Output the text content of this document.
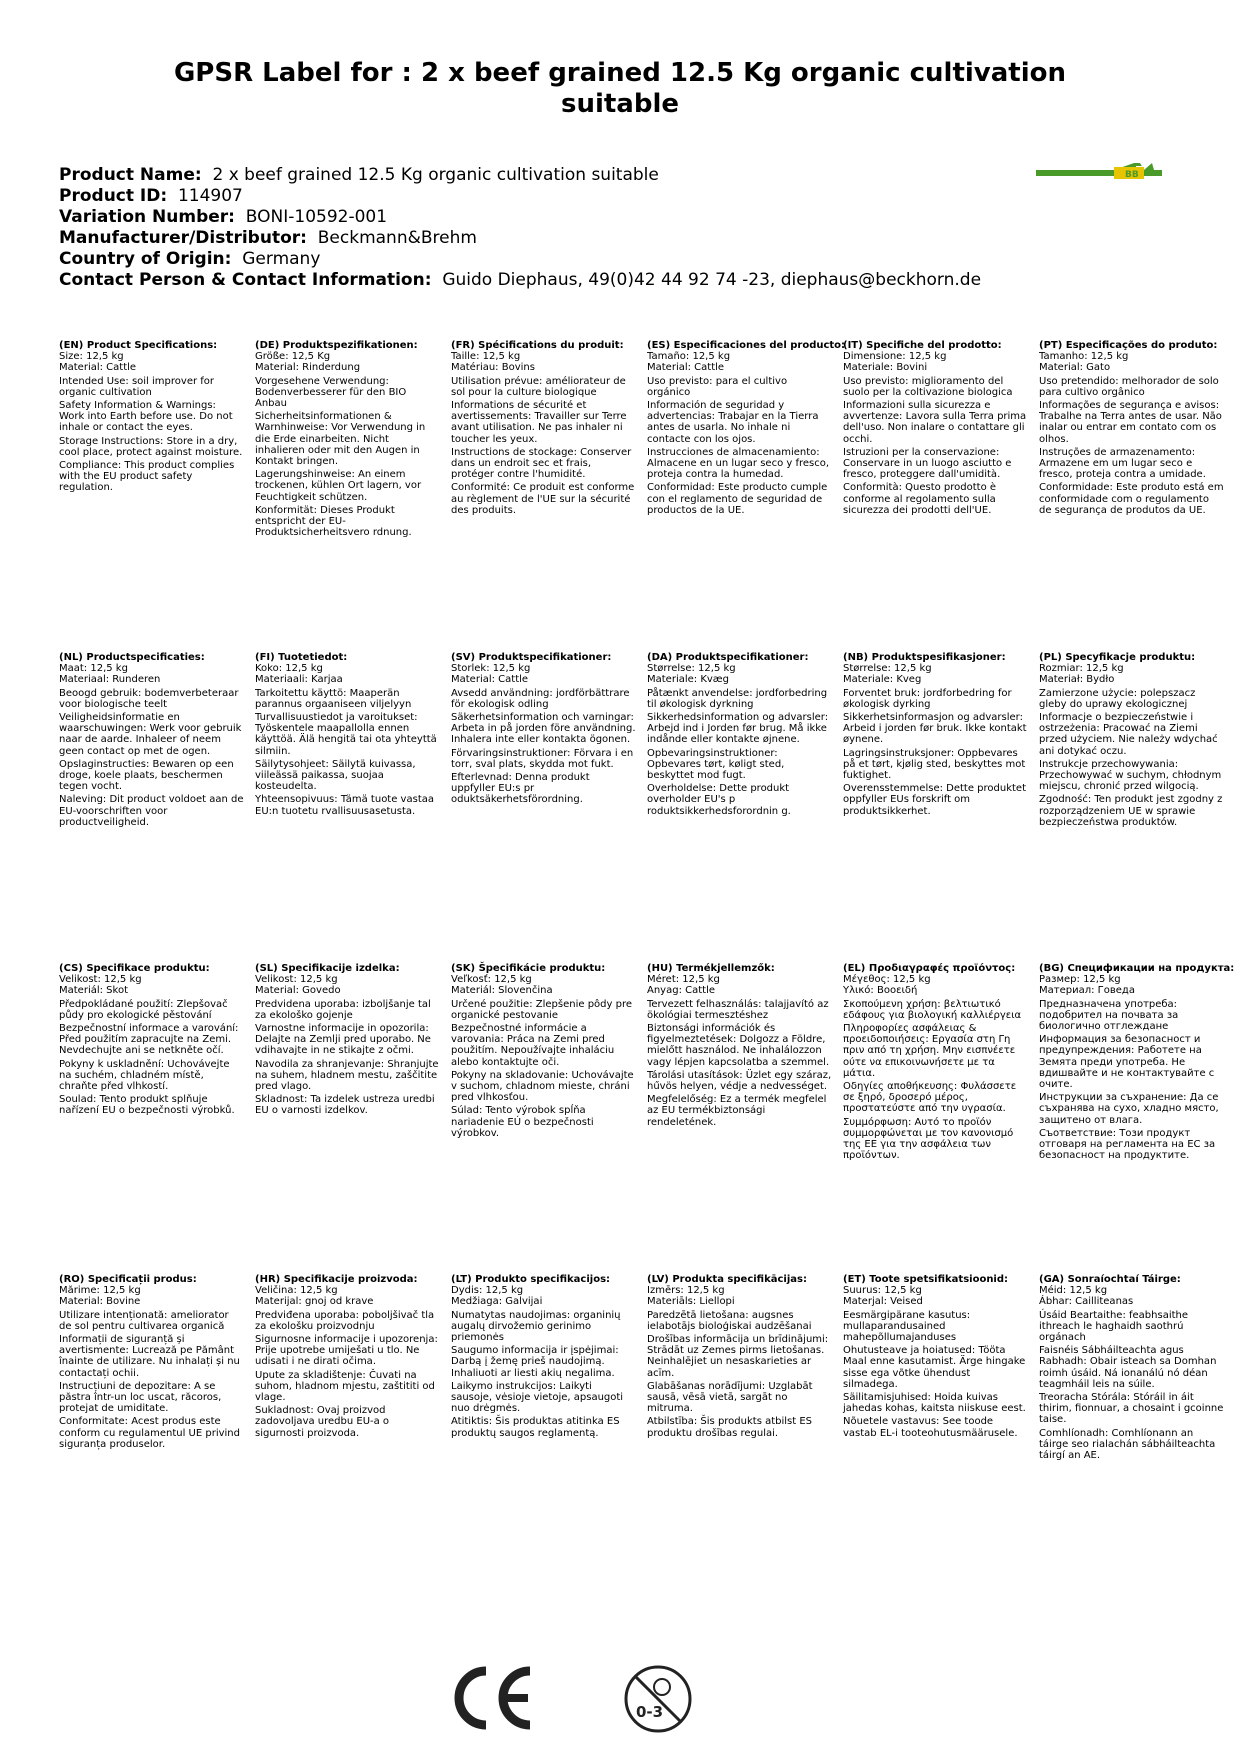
GPSR Label for : 2 x beef grained 12.5 Kg organic cultivation suitable
Product Name: 2 x beef grained 12.5 Kg organic cultivation suitable
Product ID: 114907
Variation Number: BONI-10592-001
Manufacturer/Distributor: Beckmann&Brehm
Country of Origin: Germany
Contact Person & Contact Information: Guido Diephaus, 49(0)42 44 92 74 -23, diephaus@beckhorn.de
BB
(EN) Product Specifications:
Size: 12,5 kg
Material: Cattle
Intended Use: soil improver for organic cultivation
Safety Information & Warnings: Work into Earth before use. Do not inhale or contact the eyes.
Storage Instructions: Store in a dry, cool place, protect against moisture.
Compliance: This product complies with the EU product safety regulation.
(DE) Produktspezifikationen:
Größe: 12,5 Kg
Material: Rinderdung
Vorgesehene Verwendung: Bodenverbesserer für den BIO Anbau
Sicherheitsinformationen & Warnhinweise: Vor Verwendung in die Erde einarbeiten. Nicht inhalieren oder mit den Augen in Kontakt bringen.
Lagerungshinweise: An einem trockenen, kühlen Ort lagern, vor Feuchtigkeit schützen.
Konformität: Dieses Produkt entspricht der EU-Produktsicherheitsvero rdnung.
(FR) Spécifications du produit:
Taille: 12,5 kg
Matériau: Bovins
Utilisation prévue: améliorateur de sol pour la culture biologique
Informations de sécurité et avertissements: Travailler sur Terre avant utilisation. Ne pas inhaler ni toucher les yeux.
Instructions de stockage: Conserver dans un endroit sec et frais, protéger contre l'humidité.
Conformité: Ce produit est conforme au règlement de l'UE sur la sécurité des produits.
(ES) Especificaciones del producto:
Tamaño: 12,5 kg
Material: Cattle
Uso previsto: para el cultivo orgánico
Información de seguridad y advertencias: Trabajar en la Tierra antes de usarla. No inhale ni contacte con los ojos.
Instrucciones de almacenamiento: Almacene en un lugar seco y fresco, proteja contra la humedad.
Conformidad: Este producto cumple con el reglamento de seguridad de productos de la UE.
(IT) Specifiche del prodotto:
Dimensione: 12,5 kg
Materiale: Bovini
Uso previsto: miglioramento del suolo per la coltivazione biologica
Informazioni sulla sicurezza e avvertenze: Lavora sulla Terra prima dell'uso. Non inalare o contattare gli occhi.
Istruzioni per la conservazione: Conservare in un luogo asciutto e fresco, proteggere dall'umidità.
Conformità: Questo prodotto è conforme al regolamento sulla sicurezza dei prodotti dell'UE.
(PT) Especificações do produto:
Tamanho: 12,5 kg
Material: Gato
Uso pretendido: melhorador de solo para cultivo orgânico
Informações de segurança e avisos: Trabalhe na Terra antes de usar. Não inalar ou entrar em contato com os olhos.
Instruções de armazenamento: Armazene em um lugar seco e fresco, proteja contra a umidade.
Conformidade: Este produto está em conformidade com o regulamento de segurança de produtos da UE.
(NL) Productspecificaties:
Maat: 12,5 kg
Materiaal: Runderen
Beoogd gebruik: bodemverbeteraar voor biologische teelt
Veiligheidsinformatie en waarschuwingen: Werk voor gebruik naar de aarde. Inhaleer of neem geen contact op met de ogen.
Opslaginstructies: Bewaren op een droge, koele plaats, beschermen tegen vocht.
Naleving: Dit product voldoet aan de EU-voorschriften voor productveiligheid.
(FI) Tuotetiedot:
Koko: 12,5 kg
Materiaali: Karjaa
Tarkoitettu käyttö: Maaperän parannus orgaaniseen viljelyyn
Turvallisuustiedot ja varoitukset: Työskentele maapallolla ennen käyttöä. Älä hengitä tai ota yhteyttä silmiin.
Säilytysohjeet: Säilytä kuivassa, viileässä paikassa, suojaa kosteudelta.
Yhteensopivuus: Tämä tuote vastaa EU:n tuotetu rvallisuusasetusta.
(SV) Produktspecifikationer:
Storlek: 12,5 kg
Material: Cattle
Avsedd användning: jordförbättrare för ekologisk odling
Säkerhetsinformation och varningar: Arbeta in på jorden före användning. Inhalera inte eller kontakta ögonen.
Förvaringsinstruktioner: Förvara i en torr, sval plats, skydda mot fukt.
Efterlevnad: Denna produkt uppfyller EU:s pr oduktsäkerhetsförordning.
(DA) Produktspecifikationer:
Størrelse: 12,5 kg
Materiale: Kvæg
Påtænkt anvendelse: jordforbedring til økologisk dyrkning
Sikkerhedsinformation og advarsler: Arbejd ind i Jorden før brug. Må ikke indånde eller kontakte øjnene.
Opbevaringsinstruktioner: Opbevares tørt, køligt sted, beskyttet mod fugt.
Overholdelse: Dette produkt overholder EU's p roduktsikkerhedsforordnin g.
(NB) Produktspesifikasjoner:
Størrelse: 12,5 kg
Materiale: Kveg
Forventet bruk: jordforbedring for økologisk dyrking
Sikkerhetsinformasjon og advarsler: Arbeid i jorden før bruk. Ikke kontakt øynene.
Lagringsinstruksjoner: Oppbevares på et tørt, kjølig sted, beskyttes mot fuktighet.
Overensstemmelse: Dette produktet oppfyller EUs forskrift om produktsikkerhet.
(PL) Specyfikacje produktu:
Rozmiar: 12,5 kg
Materiał: Bydło
Zamierzone użycie: polepszacz gleby do uprawy ekologicznej
Informacje o bezpieczeństwie i ostrzeżenia: Pracować na Ziemi przed użyciem. Nie należy wdychać ani dotykać oczu.
Instrukcje przechowywania: Przechowywać w suchym, chłodnym miejscu, chronić przed wilgocią.
Zgodność: Ten produkt jest zgodny z rozporządzeniem UE w sprawie bezpieczeństwa produktów.
(CS) Specifikace produktu:
Velikost: 12,5 kg
Materiál: Skot
Předpokládané použití: Zlepšovač půdy pro ekologické pěstování
Bezpečnostní informace a varování: Před použitím zapracujte na Zemi. Nevdechujte ani se netkněte očí.
Pokyny k uskladnění: Uchovávejte na suchém, chladném místě, chraňte před vlhkostí.
Soulad: Tento produkt splňuje nařízení EU o bezpečnosti výrobků.
(SL) Specifikacije izdelka:
Velikost: 12,5 kg
Material: Govedo
Predvidena uporaba: izboljšanje tal za ekološko gojenje
Varnostne informacije in opozorila: Delajte na Zemlji pred uporabo. Ne vdihavajte in ne stikajte z očmi.
Navodila za shranjevanje: Shranjujte na suhem, hladnem mestu, zaščitite pred vlago.
Skladnost: Ta izdelek ustreza uredbi EU o varnosti izdelkov.
(SK) Špecifikácie produktu:
Veľkosť: 12,5 kg
Materiál: Slovenčina
Určené použitie: Zlepšenie pôdy pre organické pestovanie
Bezpečnostné informácie a varovania: Práca na Zemi pred použitím. Nepoužívajte inhaláciu alebo kontaktujte oči.
Pokyny na skladovanie: Uchovávajte v suchom, chladnom mieste, chráni pred vlhkosťou.
Súlad: Tento výrobok spĺňa nariadenie EÚ o bezpečnosti výrobkov.
(HU) Termékjellemzők:
Méret: 12,5 kg
Anyag: Cattle
Tervezett felhasználás: talajjavító az ökológiai termesztéshez
Biztonsági információk és figyelmeztetések: Dolgozz a Földre, mielőtt használod. Ne inhalálozzon vagy lépjen kapcsolatba a szemmel.
Tárolási utasítások: Üzlet egy száraz, hűvös helyen, védje a nedvességet.
Megfelelőség: Ez a termék megfelel az EU termékbiztonsági rendeletének.
(EL) Προδιαγραφές προϊόντος:
Μέγεθος: 12,5 kg
Υλικό: Βοοειδή
Σκοπούμενη χρήση: βελτιωτικό εδάφους για βιολογική καλλιέργεια
Πληροφορίες ασφάλειας & προειδοποιήσεις: Εργασία στη Γη πριν από τη χρήση. Μην εισπνέετε ούτε να επικοινωνήσετε με τα μάτια.
Οδηγίες αποθήκευσης: Φυλάσσετε σε ξηρό, δροσερό μέρος, προστατεύστε από την υγρασία.
Συμμόρφωση: Αυτό το προϊόν συμμορφώνεται με τον κανονισμό της ΕΕ για την ασφάλεια των προϊόντων.
(BG) Спецификации на продукта:
Размер: 12,5 kg
Материал: Говеда
Предназначена употреба: подобрител на почвата за биологично отглеждане
Информация за безопасност и предупреждения: Работете на Земята преди употреба. Не вдишвайте и не контактувайте с очите.
Инструкции за съхранение: Да се съхранява на сухо, хладно място, защитено от влага.
Съответствие: Този продукт отговаря на регламента на ЕС за безопасност на продуктите.
(RO) Specificații produs:
Mărime: 12,5 kg
Material: Bovine
Utilizare intenționată: ameliorator de sol pentru cultivarea organică
Informații de siguranță și avertismente: Lucrează pe Pământ înainte de utilizare. Nu inhalați și nu contactați ochii.
Instrucțiuni de depozitare: A se păstra într-un loc uscat, răcoros, protejat de umiditate.
Conformitate: Acest produs este conform cu regulamentul UE privind siguranța produselor.
(HR) Specifikacije proizvoda:
Veličina: 12,5 kg
Materijal: gnoj od krave
Predviđena uporaba: poboljšivač tla za ekološku proizvodnju
Sigurnosne informacije i upozorenja: Prije upotrebe umiješati u tlo. Ne udisati i ne dirati očima.
Upute za skladištenje: Čuvati na suhom, hladnom mjestu, zaštititi od vlage.
Sukladnost: Ovaj proizvod zadovoljava uredbu EU-a o sigurnosti proizvoda.
(LT) Produkto specifikacijos:
Dydis: 12,5 kg
Medžiaga: Galvijai
Numatytas naudojimas: organinių augalų dirvožemio gerinimo priemonės
Saugumo informacija ir įspėjimai: Darbą į žemę prieš naudojimą. Inhaliuoti ar liesti akių negalima.
Laikymo instrukcijos: Laikyti sausoje, vėsioje vietoje, apsaugoti nuo drėgmės.
Atitiktis: Šis produktas atitinka ES produktų saugos reglamentą.
(LV) Produkta specifikācijas:
Izmērs: 12,5 kg
Materiāls: Liellopi
Paredzētā lietošana: augsnes ielabotājs bioloģiskai audzēšanai
Drošības informācija un brīdinājumi: Strādāt uz Zemes pirms lietošanas. Neinhalējiet un nesaskarieties ar acīm.
Glabāšanas norādījumi: Uzglabāt sausā, vēsā vietā, sargāt no mitruma.
Atbilstība: Šis produkts atbilst ES produktu drošības regulai.
(ET) Toote spetsifikatsioonid:
Suurus: 12,5 kg
Materjal: Veised
Eesmärgipärane kasutus: mullaparandusained mahepõllumajanduses
Ohutusteave ja hoiatused: Tööta Maal enne kasutamist. Ärge hingake sisse ega võtke ühendust silmadega.
Säilitamisjuhised: Hoida kuivas jahedas kohas, kaitsta niiskuse eest.
Nõuetele vastavus: See toode vastab EL-i tooteohutusmäärusele.
(GA) Sonraíochtaí Táirge:
Méid: 12,5 kg
Ábhar: Cailliteanas
Úsáid Beartaithe: feabhsaithe ithreach le haghaidh saothrú orgánach
Faisnéis Sábháilteachta agus Rabhadh: Obair isteach sa Domhan roimh úsáid. Ná ionanálú nó déan teagmháil leis na súile.
Treoracha Stórála: Stóráil in áit thirim, fionnuar, a chosaint i gcoinne taise.
Comhlíonadh: Comhlíonann an táirge seo rialachán sábháilteachta táirgí an AE.
0-3
